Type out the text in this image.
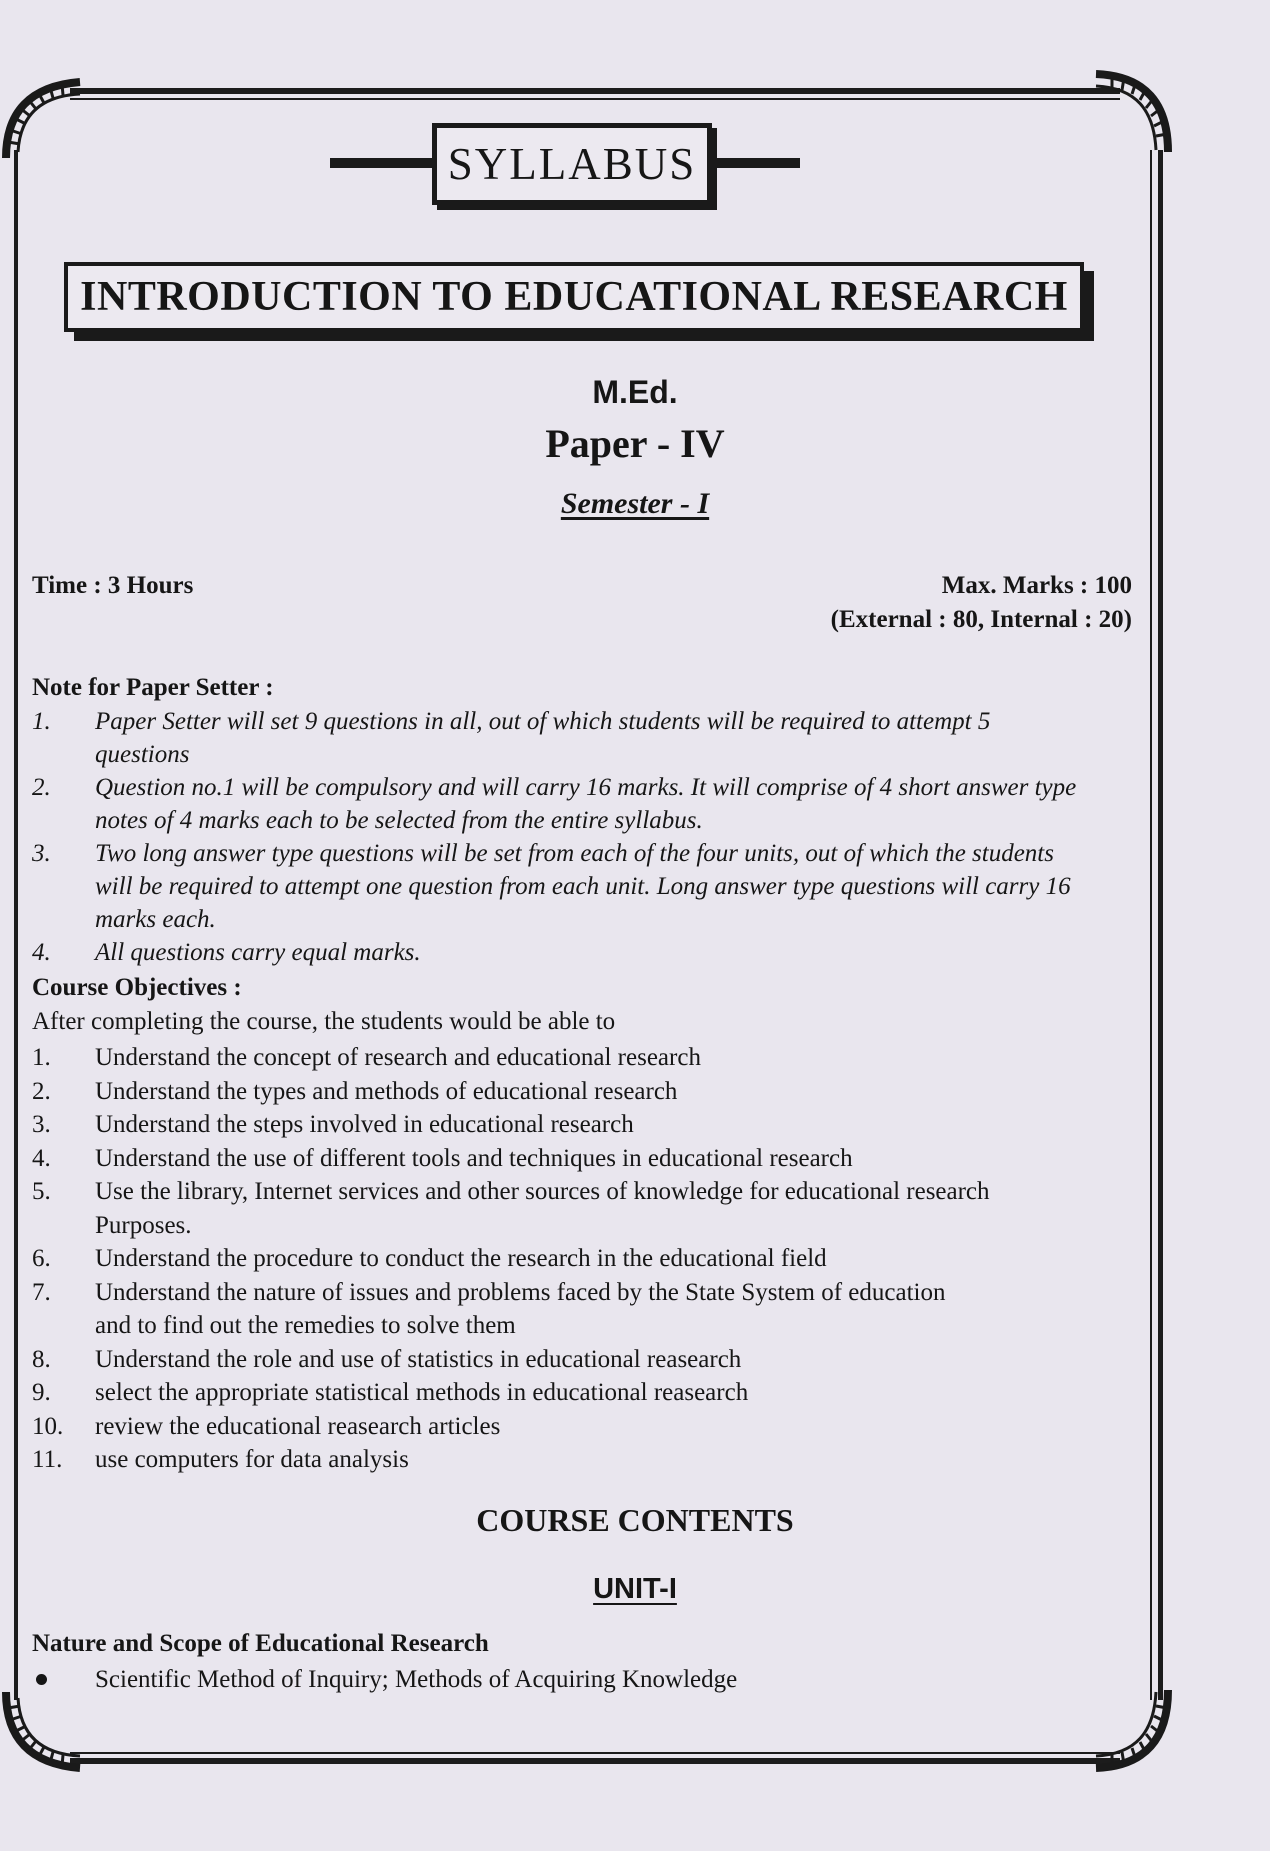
SYLLABUS
INTRODUCTION TO EDUCATIONAL RESEARCH
M.Ed.
Paper - IV
Semester - I
Time : 3 Hours	Max. Marks : 100
(External : 80, Internal : 20)
Note for Paper Setter :
1.	Paper Setter will set 9 questions in all, out of which students will be required to attempt 5
questions
2.	Question no.1 will be compulsory and will carry 16 marks. It will comprise of 4 short answer type
notes of 4 marks each to be selected from the entire syllabus.
3.	Two long answer type questions will be set from each of the four units, out of which the students
will be required to attempt one question from each unit. Long answer type questions will carry 16
marks each.
4.	All questions carry equal marks.
Course Objectives :
After completing the course, the students would be able to
1.	Understand the concept of research and educational research
2.	Understand the types and methods of educational research
3.	Understand the steps involved in educational research
4.	Understand the use of different tools and techniques in educational research
5.	Use the library, Internet services and other sources of knowledge for educational research
Purposes.
6.	Understand the procedure to conduct the research in the educational field
7.	Understand the nature of issues and problems faced by the State System of education
and to find out the remedies to solve them
8.	Understand the role and use of statistics in educational reasearch
9.	select the appropriate statistical methods in educational reasearch
10.	review the educational reasearch articles
11.	use computers for data analysis
COURSE CONTENTS
UNIT-I
Nature and Scope of Educational Research
Scientific Method of Inquiry; Methods of Acquiring Knowledge
